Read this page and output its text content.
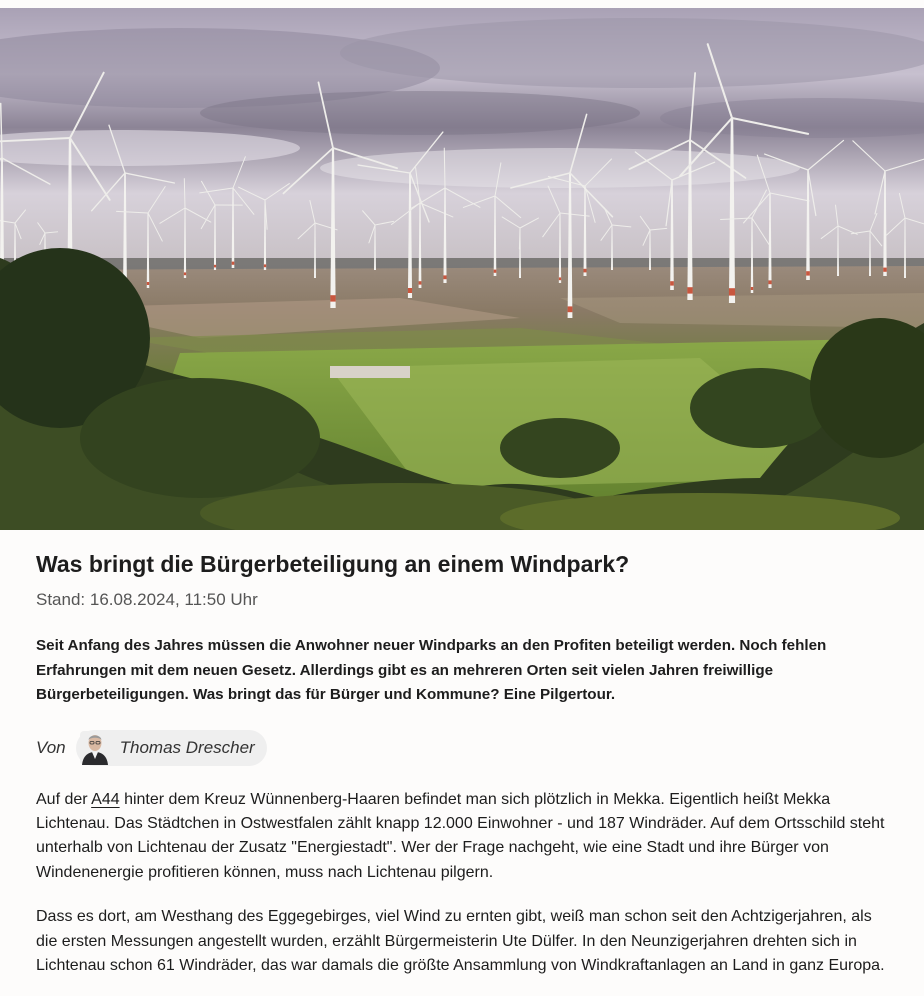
Was bringt die Bürgerbeteiligung an einem Windpark?

Stand: 16.08.2024, 11:50 Uhr

Seit Anfang des Jahres müssen die Anwohner neuer Windparks an den Profiten beteiligt werden. Noch fehlen Erfahrungen mit dem neuen Gesetz. Allerdings gibt es an mehreren Orten seit vielen Jahren freiwillige Bürgerbeteiligungen. Was bringt das für Bürger und Kommune? Eine Pilgertour.

Von	Thomas Drescher

Auf der A44 hinter dem Kreuz Wünnenberg-Haaren befindet man sich plötzlich in Mekka. Eigentlich heißt Mekka Lichtenau. Das Städtchen in Ostwestfalen zählt knapp 12.000 Einwohner - und 187 Windräder. Auf dem Ortsschild steht unterhalb von Lichtenau der Zusatz "Energiestadt". Wer der Frage nachgeht, wie eine Stadt und ihre Bürger von Windenenergie profitieren können, muss nach Lichtenau pilgern.

Dass es dort, am Westhang des Eggegebirges, viel Wind zu ernten gibt, weiß man schon seit den Achtzigerjahren, als die ersten Messungen angestellt wurden, erzählt Bürgermeisterin Ute Dülfer. In den Neunzigerjahren drehten sich in Lichtenau schon 61 Windräder, das war damals die größte Ansammlung von Windkraftanlagen an Land in ganz Europa.
